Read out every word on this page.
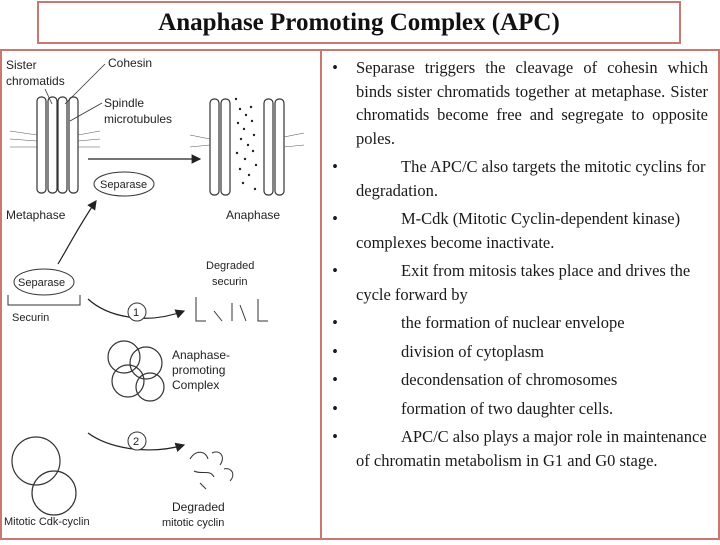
Anaphase Promoting Complex (APC)
Sister
chromatids
Cohesin
Spindle
microtubules
Metaphase
Separase
Anaphase
Separase
Securin
Degraded
securin
1
Anaphase-
promoting
Complex
2
Mitotic Cdk-cyclin
Degraded
mitotic cyclin
• Separase triggers the cleavage of cohesin which binds sister chromatids together at metaphase. Sister chromatids become free and segregate to opposite poles.
•	The APC/C also targets the mitotic cyclins for degradation.
•	M-Cdk (Mitotic Cyclin-dependent kinase) complexes become inactivate.
•	Exit from mitosis takes place and drives the cycle forward by
•	the formation of nuclear envelope
•	division of cytoplasm
•	decondensation of chromosomes
•	formation of two daughter cells.
•	APC/C also plays a major role in maintenance of chromatin metabolism in G1 and G0 stage.
